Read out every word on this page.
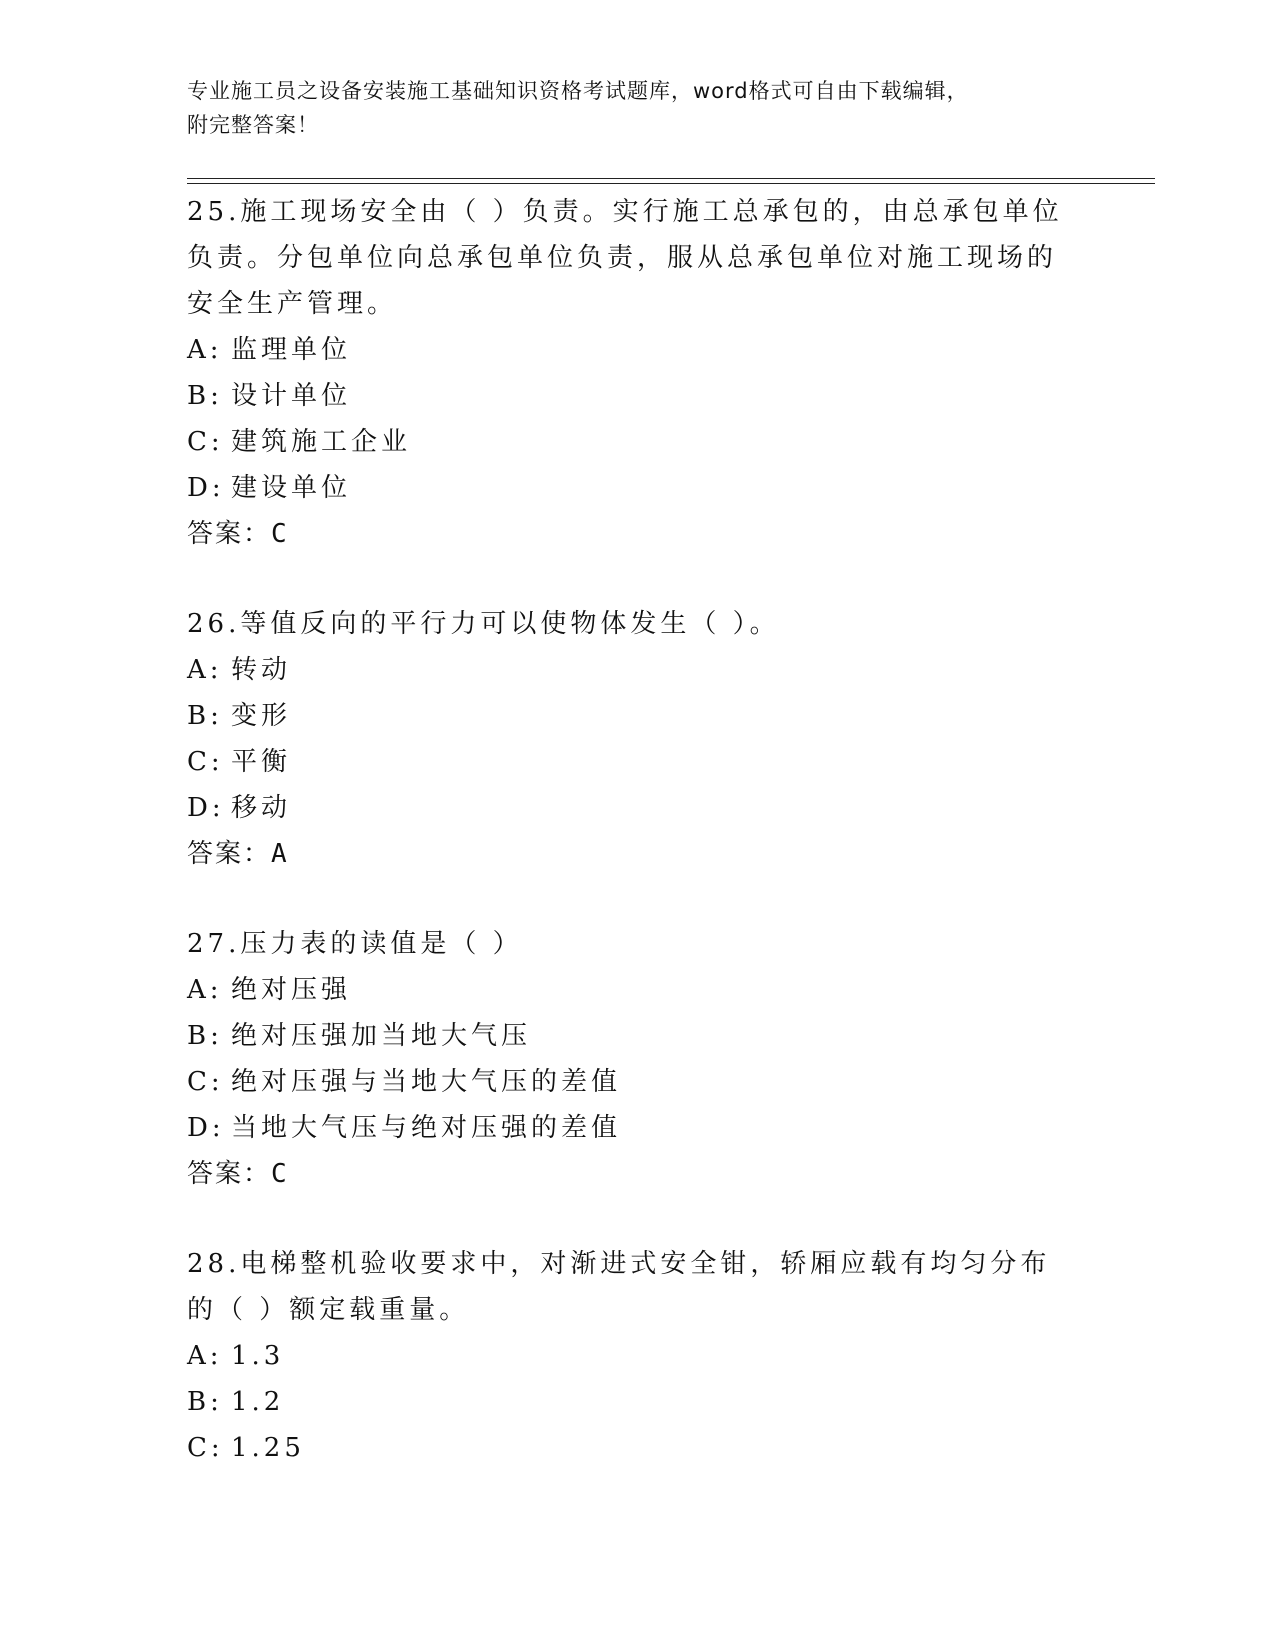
专业施工员之设备安装施工基础知识资格考试题库，word格式可自由下载编辑，
附完整答案！
25.施工现场安全由（ ）负责。实行施工总承包的，由总承包单位负责。分包单位向总承包单位负责，服从总承包单位对施工现场的安全生产管理。
A: 监理单位
B: 设计单位
C: 建筑施工企业
D: 建设单位
答案：C
26.等值反向的平行力可以使物体发生（ ）。
A: 转动
B: 变形
C: 平衡
D: 移动
答案：A
27.压力表的读值是（ ）
A: 绝对压强
B: 绝对压强加当地大气压
C: 绝对压强与当地大气压的差值
D: 当地大气压与绝对压强的差值
答案：C
28.电梯整机验收要求中，对渐进式安全钳，轿厢应载有均匀分布的（ ）额定载重量。
A: 1.3
B: 1.2
C: 1.25
